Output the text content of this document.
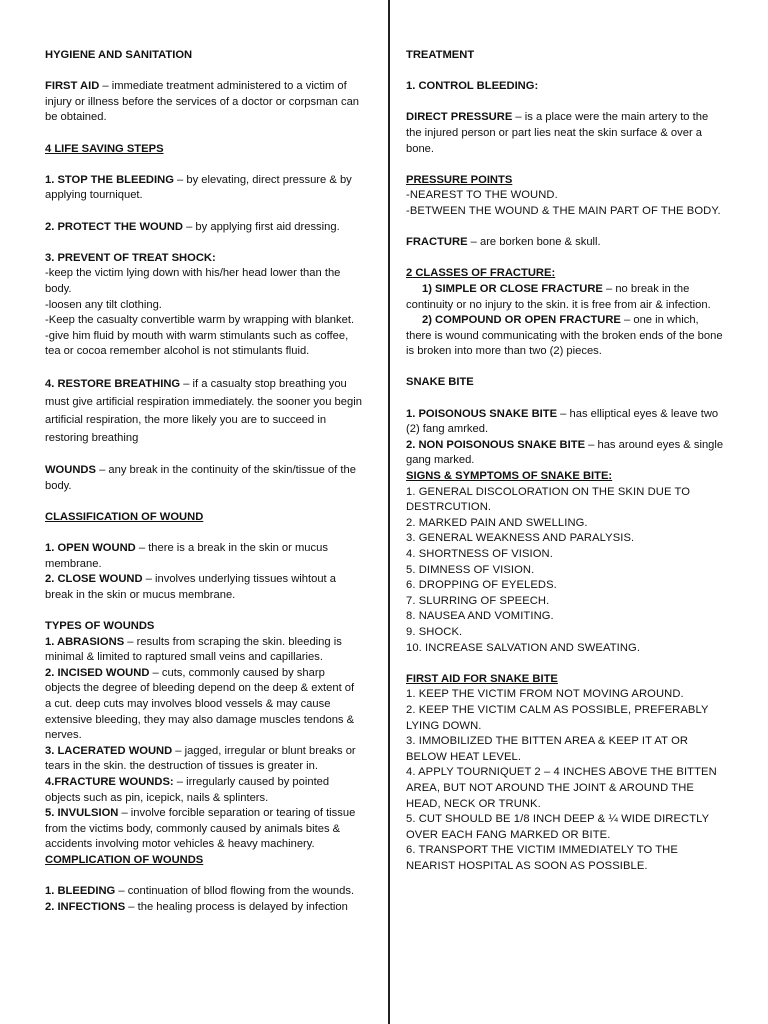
HYGIENE AND SANITATION

FIRST AID – immediate treatment administered to a victim of injury or illness before the services of a doctor or corpsman can be obtained.

4 LIFE SAVING STEPS

1. STOP THE BLEEDING – by elevating, direct pressure & by applying tourniquet.

2. PROTECT THE WOUND – by applying first aid dressing.

3. PREVENT OF TREAT SHOCK:
-keep the victim lying down with his/her head lower than the body.
-loosen any tilt clothing.
-Keep the casualty convertible warm by wrapping with blanket.
-give him fluid by mouth with warm stimulants such as coffee, tea or cocoa remember alcohol is not stimulants fluid.

4. RESTORE BREATHING – if a casualty stop breathing you must give artificial respiration immediately. the sooner you begin artificial respiration, the more likely you are to succeed in restoring breathing

WOUNDS – any break in the continuity of the skin/tissue of the body.

CLASSIFICATION OF WOUND

1. OPEN WOUND – there is a break in the skin or mucus membrane.

2. CLOSE WOUND – involves underlying tissues wihtout a break in the skin or mucus membrane.

TYPES OF WOUNDS
1. ABRASIONS – results from scraping the skin. bleeding is minimal & limited to raptured small veins and capillaries.
2. INCISED WOUND – cuts, commonly caused by sharp objects the degree of bleeding depend on the deep & extent of a cut. deep cuts may involves blood vessels & may cause extensive bleeding, they may also damage muscles tendons & nerves.
3. LACERATED WOUND – jagged, irregular or blunt breaks or tears in the skin. the destruction of tissues is greater in.
4.FRACTURE WOUNDS: – irregularly caused by pointed objects such as pin, icepick, nails & splinters.
5. INVULSION – involve forcible separation or tearing of tissue from the victims body, commonly caused by animals bites & accidents involving motor vehicles & heavy machinery.

COMPLICATION OF WOUNDS

1. BLEEDING – continuation of bllod flowing from the wounds.
2. INFECTIONS – the healing process is delayed by infection

TREATMENT

1. CONTROL BLEEDING:

DIRECT PRESSURE – is a place were the main artery to the the injured person or part lies neat the skin surface & over a bone.

PRESSURE POINTS
-NEAREST TO THE WOUND.

-BETWEEN THE WOUND & THE MAIN PART OF THE BODY.

FRACTURE – are borken bone & skull.

2 CLASSES OF FRACTURE:
1) SIMPLE OR CLOSE FRACTURE – no break in the continuity or no injury to the skin. it is free from air & infection.

2) COMPOUND OR OPEN FRACTURE – one in which, there is wound communicating with the broken ends of the bone is broken into more than two (2) pieces.

SNAKE BITE

1. POISONOUS SNAKE BITE – has elliptical eyes & leave two (2) fang amrked.
2. NON POISONOUS SNAKE BITE – has around eyes & single gang marked.
SIGNS & SYMPTOMS OF SNAKE BITE:
1. GENERAL DISCOLORATION ON THE SKIN DUE TO DESTRCUTION.
2. MARKED PAIN AND SWELLING.
3. GENERAL WEAKNESS AND PARALYSIS.
4. SHORTNESS OF VISION.
5. DIMNESS OF VISION.
6. DROPPING OF EYELEDS.
7. SLURRING OF SPEECH.
8. NAUSEA AND VOMITING.
9. SHOCK.
10. INCREASE SALVATION AND SWEATING.

FIRST AID FOR SNAKE BITE
1. KEEP THE VICTIM FROM NOT MOVING AROUND.
2. KEEP THE VICTIM CALM AS POSSIBLE, PREFERABLY LYING DOWN.
3. IMMOBILIZED THE BITTEN AREA & KEEP IT AT OR BELOW HEAT LEVEL.
4. APPLY TOURNIQUET 2 – 4 INCHES ABOVE THE BITTEN AREA, BUT NOT AROUND THE JOINT & AROUND THE HEAD, NECK OR TRUNK.
5. CUT SHOULD BE 1/8 INCH DEEP & ¼ WIDE DIRECTLY OVER EACH FANG MARKED OR BITE.
6. TRANSPORT THE VICTIM IMMEDIATELY TO THE NEARIST HOSPITAL AS SOON AS POSSIBLE.
